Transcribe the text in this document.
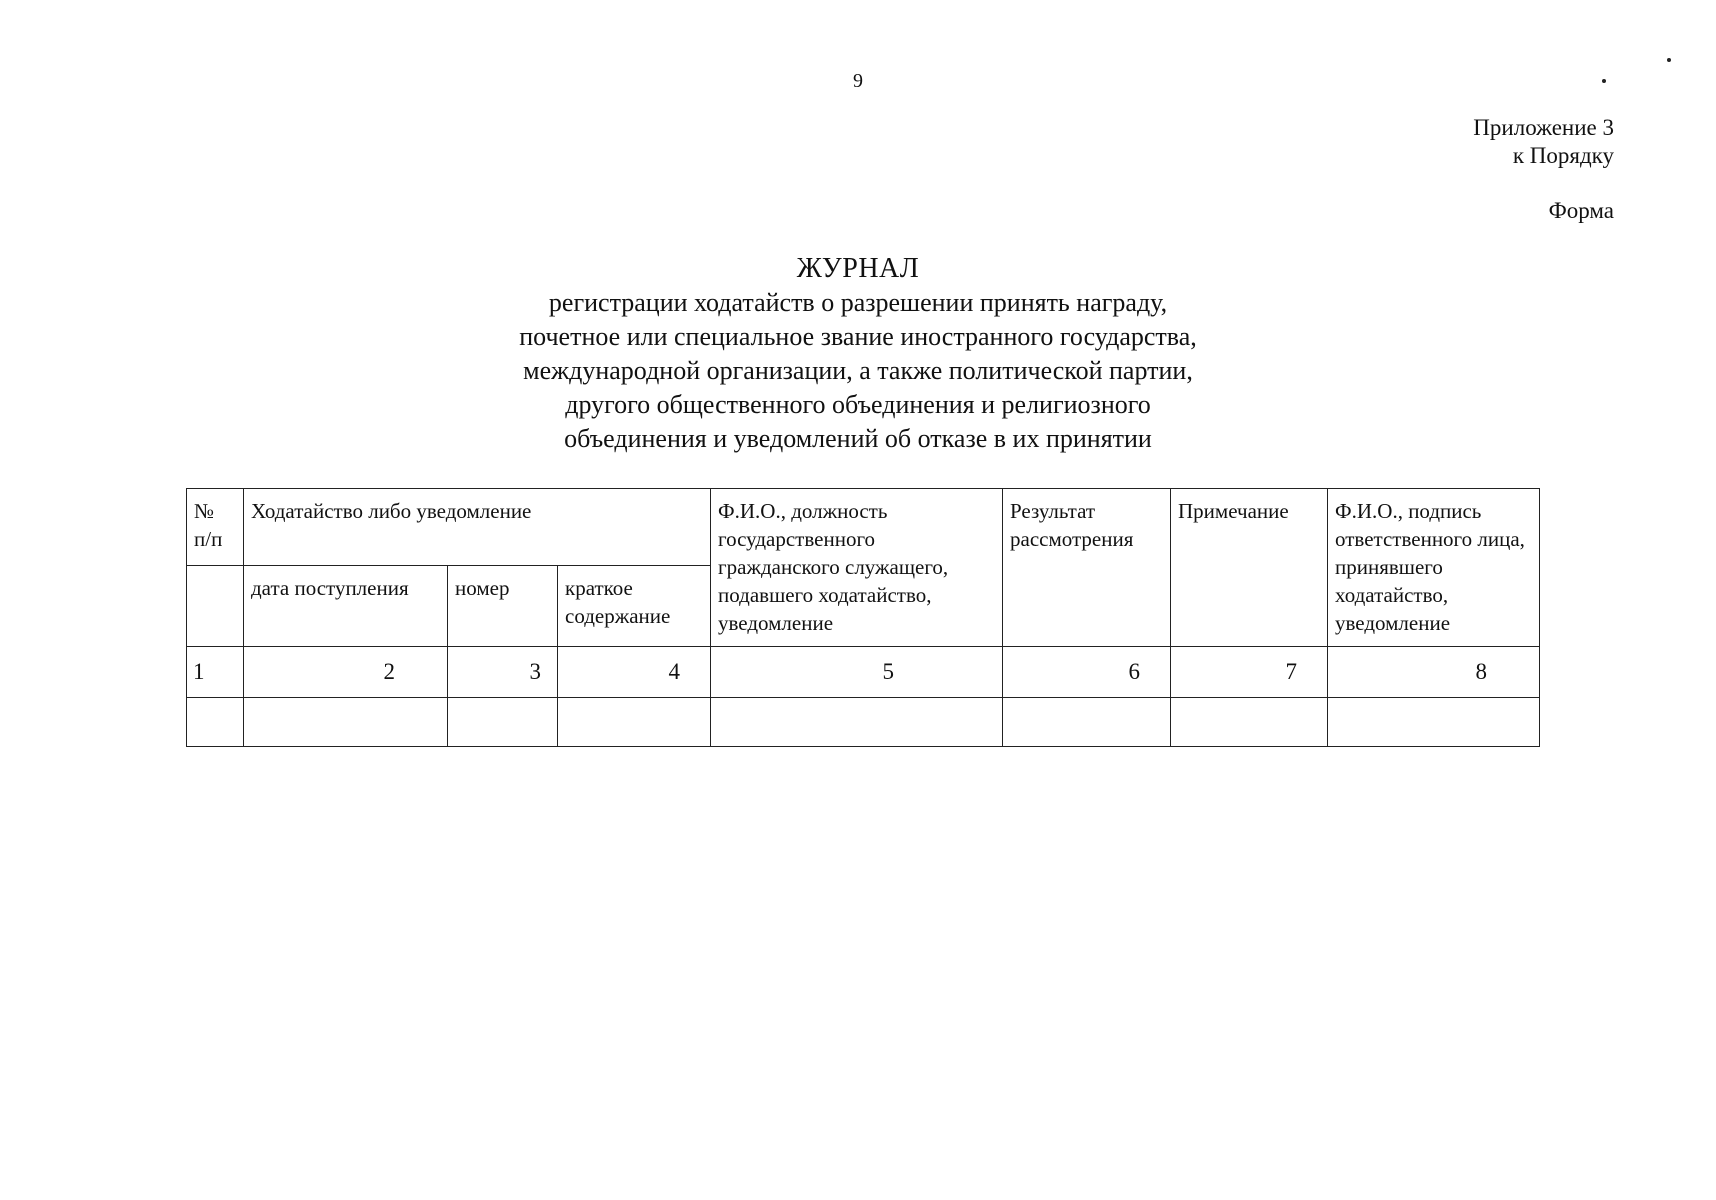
9
Приложение 3
к Порядку
Форма
ЖУРНАЛ

регистрации ходатайств о разрешении принять награду,

почетное или специальное звание иностранного государства,

международной организации, а также политической партии,

другого общественного объединения и религиозного

объединения и уведомлений об отказе в их принятии

№ п/п	Ходатайство либо уведомление			Ф.И.О., должность государственного гражданского служащего, подавшего ходатайство, уведомление	Результат рассмотрения	Примечание	Ф.И.О., подпись ответственного лица, принявшего ходатайство, уведомление
	дата поступления	номер	краткое содержание				
1	2	3	4	5	6	7	8
